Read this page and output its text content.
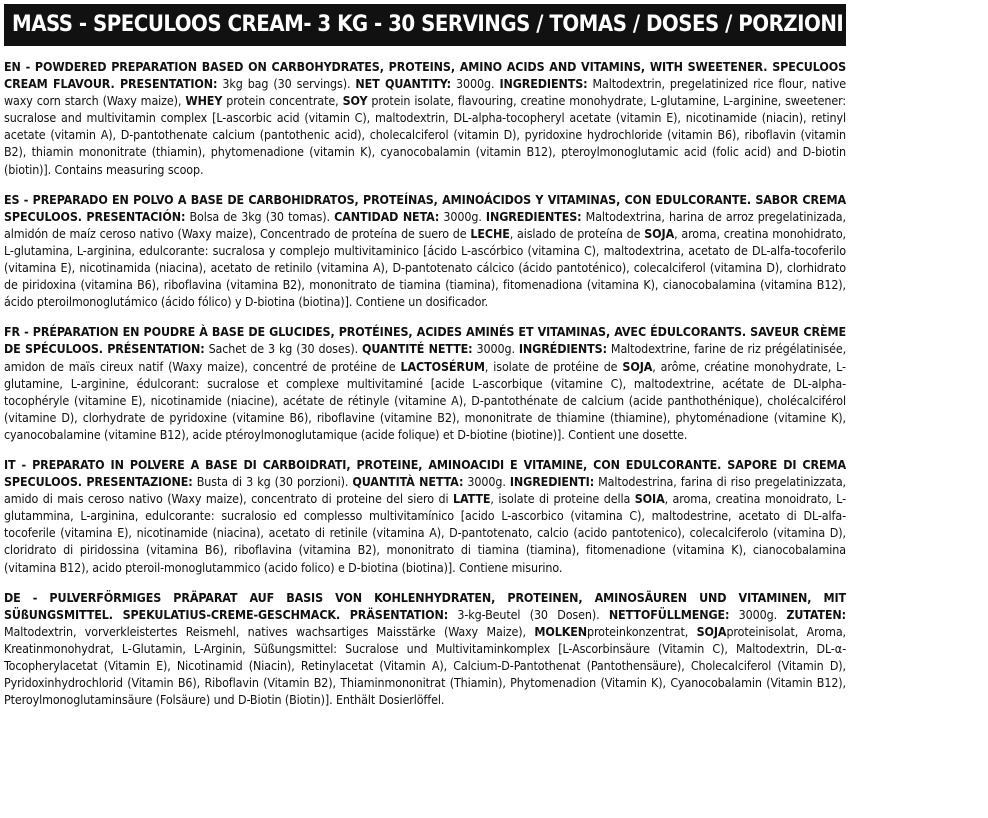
MASS - SPECULOOS CREAM- 3 KG - 30 SERVINGS / TOMAS / DOSES / PORZIONI / PORTIONEN

EN - POWDERED PREPARATION BASED ON CARBOHYDRATES, PROTEINS, AMINO ACIDS AND VITAMINS, WITH SWEETENER. SPECULOOS CREAM FLAVOUR. PRESENTATION: 3kg bag (30 servings). NET QUANTITY: 3000g. INGREDIENTS: Maltodextrin, pregelatinized rice flour, native waxy corn starch (Waxy maize), WHEY protein concentrate, SOY protein isolate, flavouring, creatine monohydrate, L-glutamine, L-arginine, sweetener: sucralose and multivitamin complex [L-ascorbic acid (vitamin C), maltodextrin, DL-alpha-tocopheryl acetate (vitamin E), nicotinamide (niacin), retinyl acetate (vitamin A), D-pantothenate calcium (pantothenic acid), cholecalciferol (vitamin D), pyridoxine hydrochloride (vitamin B6), riboflavin (vitamin B2), thiamin mononitrate (thiamin), phytomenadione (vitamin K), cyanocobalamin (vitamin B12), pteroylmonoglutamic acid (folic acid) and D-biotin (biotin)]. Contains measuring scoop.

ES - PREPARADO EN POLVO A BASE DE CARBOHIDRATOS, PROTEÍNAS, AMINOÁCIDOS Y VITAMINAS, CON EDULCORANTE. SABOR CREMA SPECULOOS. PRESENTACIÓN: Bolsa de 3kg (30 tomas). CANTIDAD NETA: 3000g. INGREDIENTES: Maltodextrina, harina de arroz pregelatinizada, almidón de maíz ceroso nativo (Waxy maize), Concentrado de proteína de suero de LECHE, aislado de proteína de SOJA, aroma, creatina monohidrato, L-glutamina, L-arginina, edulcorante: sucralosa y complejo multivitaminico [ácido L-ascórbico (vitamina C), maltodextrina, acetato de DL-alfa-tocoferilo (vitamina E), nicotinamida (niacina), acetato de retinilo (vitamina A), D-pantotenato cálcico (ácido pantoténico), colecalciferol (vitamina D), clorhidrato de piridoxina (vitamina B6), riboflavina (vitamina B2), mononitrato de tiamina (tiamina), fitomenadiona (vitamina K), cianocobalamina (vitamina B12), ácido pteroilmonoglutámico (ácido fólico) y D-biotina (biotina)]. Contiene un dosificador.

FR - PRÉPARATION EN POUDRE À BASE DE GLUCIDES, PROTÉINES, ACIDES AMINÉS ET VITAMINAS, AVEC ÉDULCORANTS. SAVEUR CRÈME DE SPÉCULOOS. PRÉSENTATION: Sachet de 3 kg (30 doses). QUANTITÉ NETTE: 3000g. INGRÉDIENTS: Maltodextrine, farine de riz prégélatinisée, amidon de maïs cireux natif (Waxy maize), concentré de protéine de LACTOSÉRUM, isolate de protéine de SOJA, arôme, créatine monohydrate, L-glutamine, L-arginine, édulcorant: sucralose et complexe multivitaminé [acide L-ascorbique (vitamine C), maltodextrine, acétate de DL-alpha-tocophéryle (vitamine E), nicotinamide (niacine), acétate de rétinyle (vitamine A), D-pantothénate de calcium (acide panthothénique), cholécalciférol (vitamine D), clorhydrate de pyridoxine (vitamine B6), riboflavine (vitamine B2), mononitrate de thiamine (thiamine), phytoménadione (vitamine K), cyanocobalamine (vitamine B12), acide ptéroylmonoglutamique (acide folique) et D-biotine (biotine)]. Contient une dosette.

IT - PREPARATO IN POLVERE A BASE DI CARBOIDRATI, PROTEINE, AMINOACIDI E VITAMINE, CON EDULCORANTE. SAPORE DI CREMA SPECULOOS. PRESENTAZIONE: Busta di 3 kg (30 porzioni). QUANTITÀ NETTA: 3000g. INGREDIENTI: Maltodestrina, farina di riso pregelatinizzata, amido di mais ceroso nativo (Waxy maize), concentrato di proteine del siero di LATTE, isolate di proteine della SOIA, aroma, creatina monoidrato, L-glutammina, L-arginina, edulcorante: sucralosio ed complesso multivitamínico [acido L-ascorbico (vitamina C), maltodestrine, acetato di DL-alfa-tocoferile (vitamina E), nicotinamide (niacina), acetato di retinile (vitamina A), D-pantotenato, calcio (acido pantotenico), colecalciferolo (vitamina D), cloridrato di piridossina (vitamina B6), riboflavina (vitamina B2), mononitrato di tiamina (tiamina), fitomenadione (vitamina K), cianocobalamina (vitamina B12), acido pteroil-monoglutammico (acido folico) e D-biotina (biotina)]. Contiene misurino.

DE - PULVERFÖRMIGES PRÄPARAT AUF BASIS VON KOHLENHYDRATEN, PROTEINEN, AMINOSÄUREN UND VITAMINEN, MIT SÜßUNGSMITTEL. SPEKULATIUS-CREME-GESCHMACK. PRÄSENTATION: 3-kg-Beutel (30 Dosen). NETTOFÜLLMENGE: 3000g. ZUTATEN: Maltodextrin, vorverkleistertes Reismehl, natives wachsartiges Maisstärke (Waxy Maize), MOLKENproteinkonzentrat, SOJAproteinisolat, Aroma, Kreatinmonohydrat, L-Glutamin, L-Arginin, Süßungsmittel: Sucralose und Multivitaminkomplex [L-Ascorbinsäure (Vitamin C), Maltodextrin, DL-α-Tocopherylacetat (Vitamin E), Nicotinamid (Niacin), Retinylacetat (Vitamin A), Calcium-D-Pantothenat (Pantothensäure), Cholecalciferol (Vitamin D), Pyridoxinhydrochlorid (Vitamin B6), Riboflavin (Vitamin B2), Thiaminmononitrat (Thiamin), Phytomenadion (Vitamin K), Cyanocobalamin (Vitamin B12), Pteroylmonoglutaminsäure (Folsäure) und D-Biotin (Biotin)]. Enthält Dosierlöffel.
